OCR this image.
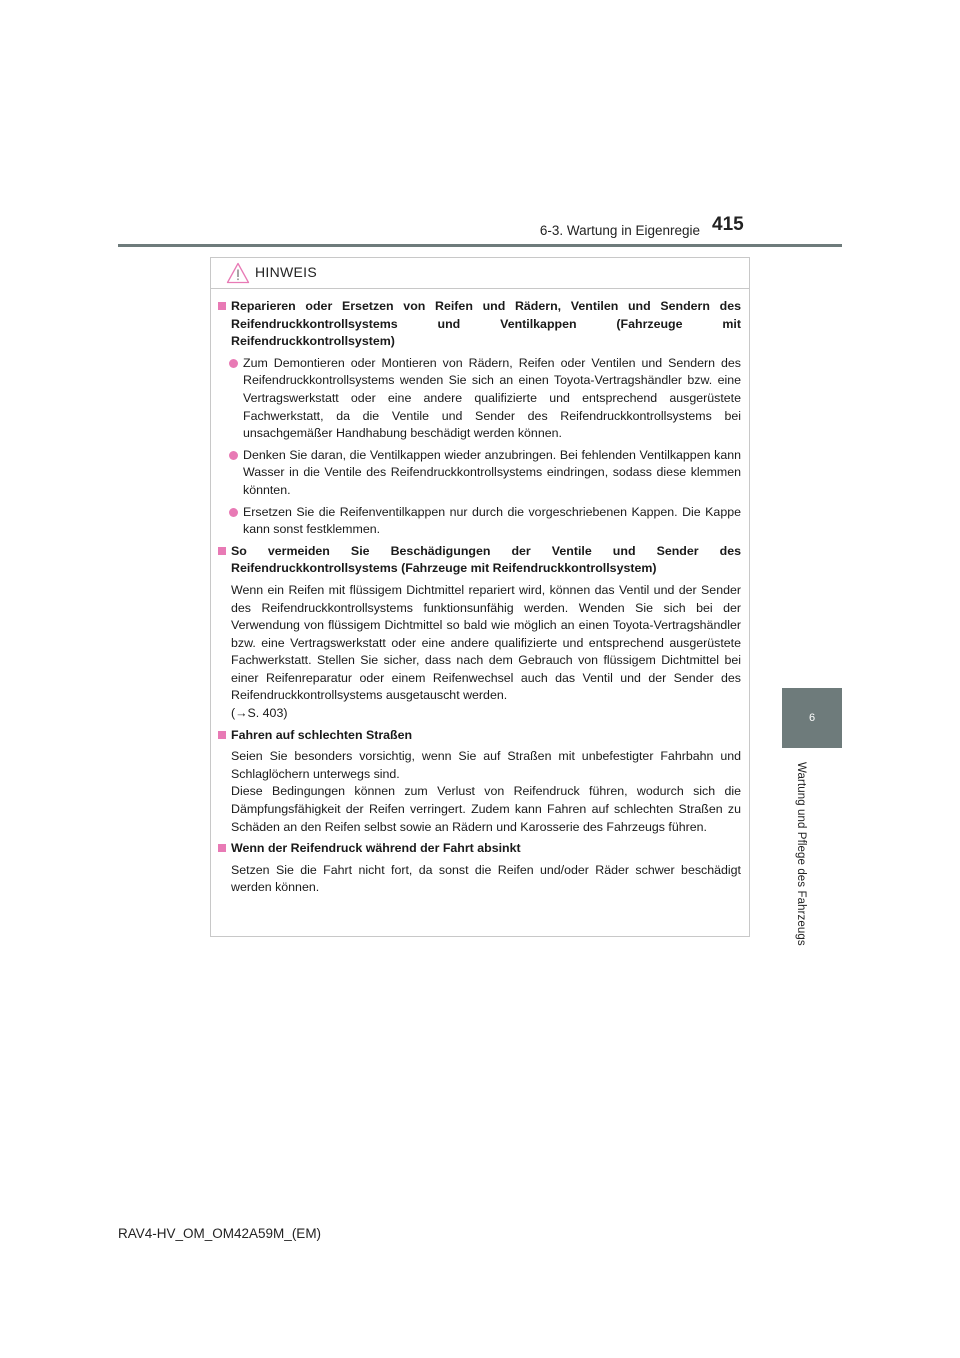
6-3. Wartung in Eigenregie 415
6
Wartung und Pflege des Fahrzeugs
HINWEIS
Reparieren oder Ersetzen von Reifen und Rädern, Ventilen und Sendern des Reifendruckkontrollsystems und Ventilkappen (Fahrzeuge mit Reifendruckkontrollsystem)
Zum Demontieren oder Montieren von Rädern, Reifen oder Ventilen und Sendern des Reifendruckkontrollsystems wenden Sie sich an einen Toyota-Vertragshändler bzw. eine Vertragswerkstatt oder eine andere qualifizierte und entsprechend ausgerüstete Fachwerkstatt, da die Ventile und Sender des Reifendruckkontrollsystems bei unsachgemäßer Handhabung beschädigt werden können.
Denken Sie daran, die Ventilkappen wieder anzubringen. Bei fehlenden Ventilkappen kann Wasser in die Ventile des Reifendruckkontrollsystems eindringen, sodass diese klemmen könnten.
Ersetzen Sie die Reifenventilkappen nur durch die vorgeschriebenen Kappen. Die Kappe kann sonst festklemmen.
So vermeiden Sie Beschädigungen der Ventile und Sender des Reifendruckkontrollsystems (Fahrzeuge mit Reifendruckkontrollsystem)
Wenn ein Reifen mit flüssigem Dichtmittel repariert wird, können das Ventil und der Sender des Reifendruckkontrollsystems funktionsunfähig werden. Wenden Sie sich bei der Verwendung von flüssigem Dichtmittel so bald wie möglich an einen Toyota-Vertragshändler bzw. eine Vertragswerkstatt oder eine andere qualifizierte und entsprechend ausgerüstete Fachwerkstatt. Stellen Sie sicher, dass nach dem Gebrauch von flüssigem Dichtmittel bei einer Reifenreparatur oder einem Reifenwechsel auch das Ventil und der Sender des Reifendruckkontrollsystems ausgetauscht werden.
(→S. 403)
Fahren auf schlechten Straßen
Seien Sie besonders vorsichtig, wenn Sie auf Straßen mit unbefestigter Fahrbahn und Schlaglöchern unterwegs sind.
Diese Bedingungen können zum Verlust von Reifendruck führen, wodurch sich die Dämpfungsfähigkeit der Reifen verringert. Zudem kann Fahren auf schlechten Straßen zu Schäden an den Reifen selbst sowie an Rädern und Karosserie des Fahrzeugs führen.
Wenn der Reifendruck während der Fahrt absinkt
Setzen Sie die Fahrt nicht fort, da sonst die Reifen und/oder Räder schwer beschädigt werden können.
RAV4-HV_OM_OM42A59M_(EM)
